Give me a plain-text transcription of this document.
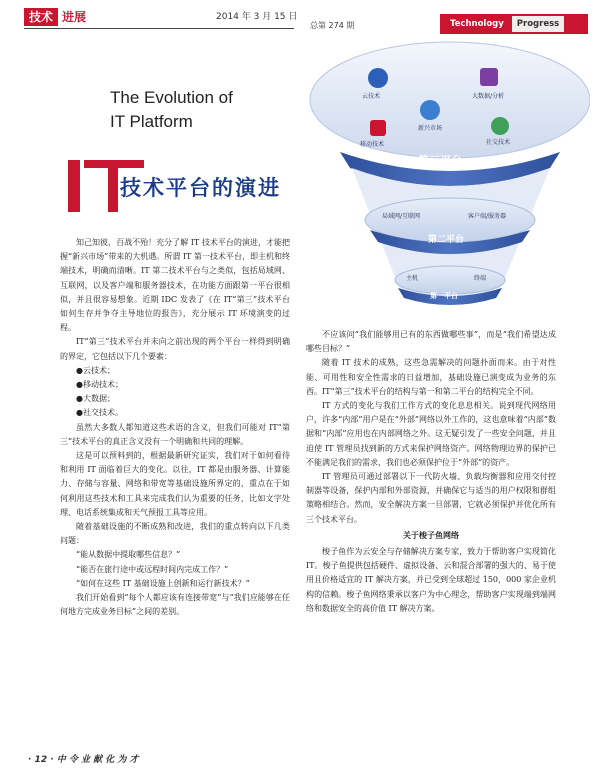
技术 进展	2014 年 3 月 15 日
总第 274 期	Technology	Progress
The Evolution of
IT Platform
技术平台的演进
云技术	大数据/分析
新兴市场
移动技术	社交技术
第三平台
局域网/互联网	客户端/服务器
第二平台
主机	终端
第一平台

知己知彼，百战不殆！充分了解 IT 技术平台的演进，才能把握“新兴市场”带来的大机遇。所谓 IT 第一技术平台，即主机和终端技术，明确而清晰。IT 第二技术平台与之类似，包括局域网、互联网，以及客户端和服务器技术，在功能方面跟第一平台很相似，并且很容易想象。近期 IDC 发表了《在 IT“第三”技术平台如何生存并争夺主导地位的报告》，充分展示 IT 环境演变的过程。

IT“第三”技术平台并未向之前出现的两个平台一样得到明确的界定，它包括以下几个要素：

●云技术；

●移动技术；

●大数据；

●社交技术。

虽然大多数人都知道这些术语的含义，但我们可能对 IT“第三”技术平台的真正含义没有一个明确和共同的理解。

这是可以预料到的，根据最新研究证实，我们对于如何看待和利用 IT 面临着巨大的变化。以往，IT 都是由服务器、计算能力、存储与容量、网络和带宽等基础设施所界定的，重点在于如何利用这些技术和工具来完成我们认为重要的任务，比如文字处理、电话系统集成和天气预报工具等应用。

随着基础设施的不断成熟和改进，我们的重点转向以下几类问题：

“能从数据中提取哪些信息？”

“能否在旅行途中或远程时间内完成工作？”

“如何在这些 IT 基础设施上创新和运行新技术？”

我们开始看到“每个人都应该有连接带宽”与“我们应能够在任何地方完成业务目标”之间的差别。

不应该问“我们能够用已有的东西做哪些事”，而是“我们希望达成哪些目标？”

随着 IT 技术的成熟，这些急需解决的问题扑面而来。由于对性能、可用性和安全性需求的日益增加，基础设施已演变成为业务的东西。IT“第三”技术平台的结构与第一和第二平台的结构完全不同。

IT 方式的变化与我们工作方式的变化息息相关。说到现代网络用户，许多“内部”用户是在“外部”网络以外工作的，这也意味着“内部”数据和“内部”应用也在内部网络之外。这无疑引发了一些安全问题，并且迫使 IT 管理员找到新的方式来保护网络资产。网络物理边界的保护已不能满足我们的需求，我们也必须保护位于“外部”的资产。

IT 管理员可通过部署以下一代防火墙、负载均衡器和应用交付控制器等设备，保护内部和外部资源，并确保它与适当的用户权限和群组策略相结合。然而，安全解决方案一旦部署，它就必须保护并优化所有三个技术平台。

关于梭子鱼网络

梭子鱼作为云安全与存储解决方案专家，致力于帮助客户实现简化 IT。梭子鱼提供包括硬件、虚拟设备、云和混合部署的强大的、易于使用且价格适宜的 IT 解决方案，并已受到全球超过 150，000 家企业机构的信赖。梭子鱼网络秉承以客户为中心理念，帮助客户实现端到端网络和数据安全的高价值 IT 解决方案。

· 12 · 中 令 业 献 化 为 才
